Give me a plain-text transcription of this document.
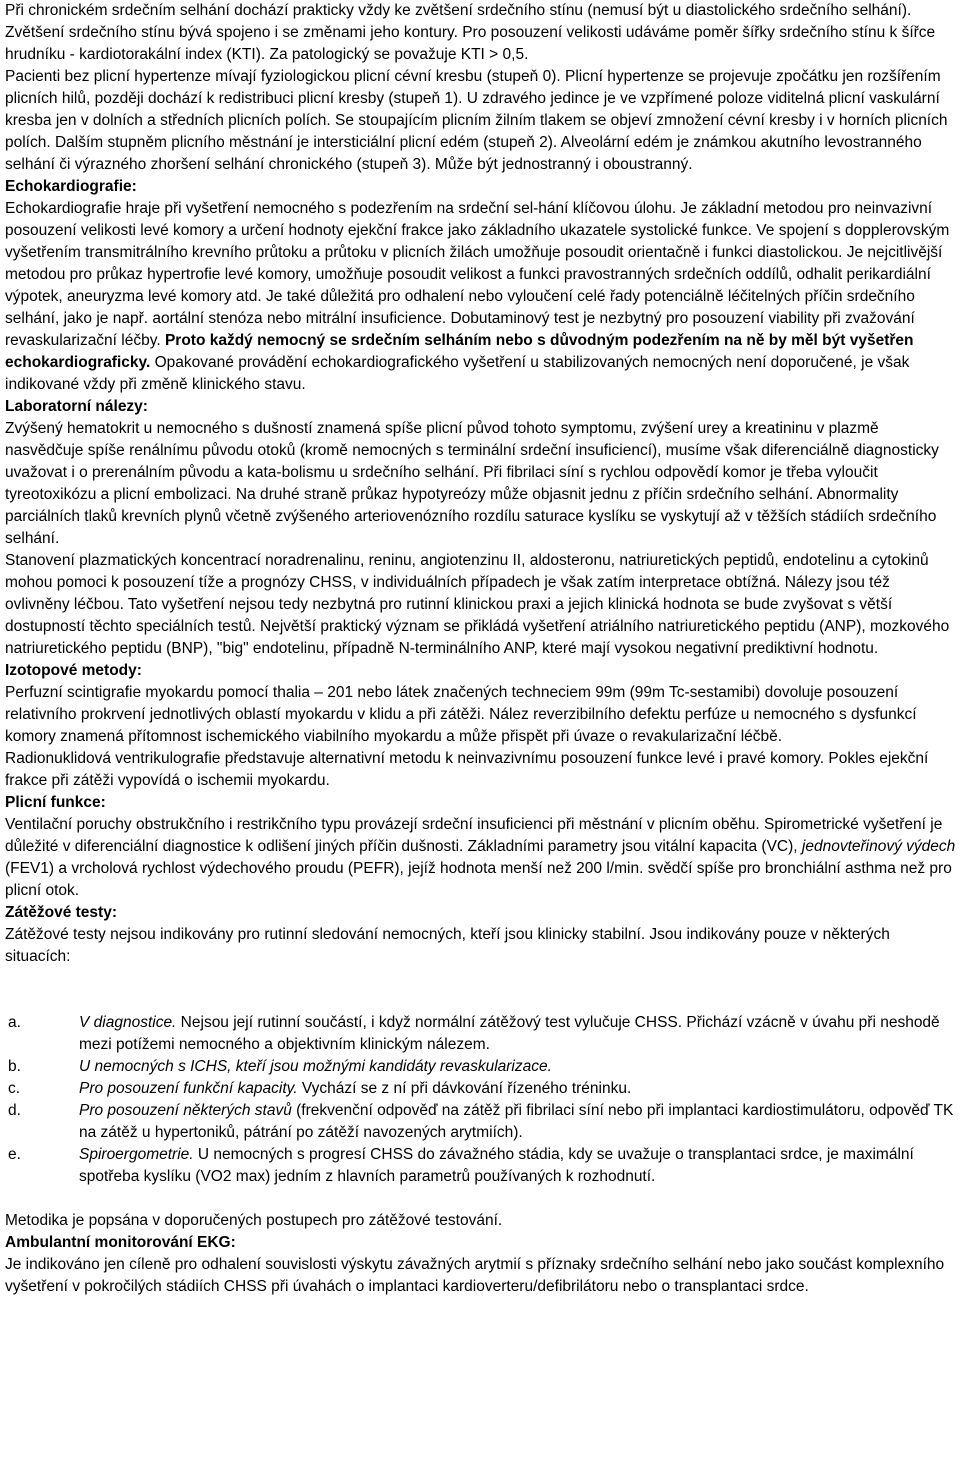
Při chronickém srdečním selhání dochází prakticky vždy ke zvětšení srdečního stínu (nemusí být u diastolického srdečního selhání). Zvětšení srdečního stínu bývá spojeno i se změnami jeho kontury. Pro posouzení velikosti udáváme poměr šířky srdečního stínu k šířce hrudníku - kardiotorakální index (KTI). Za patologický se považuje KTI > 0,5.

Pacienti bez plicní hypertenze mívají fyziologickou plicní cévní kresbu (stupeň 0). Plicní hypertenze se projevuje zpočátku jen rozšířením plicních hilů, později dochází k redistribuci plicní kresby (stupeň 1). U zdravého jedince je ve vzpřímené poloze viditelná plicní vaskulární kresba jen v dolních a středních plicních polích. Se stoupajícím plicním žilním tlakem se objeví zmnožení cévní kresby i v horních plicních polích. Dalším stupněm plicního městnání je intersticiální plicní edém (stupeň 2). Alveolární edém je známkou akutního levostranného selhání či výrazného zhoršení selhání chronického (stupeň 3). Může být jednostranný i oboustranný.

Echokardiografie:

Echokardiografie hraje při vyšetření nemocného s podezřením na srdeční sel-hání klíčovou úlohu. Je základní metodou pro neinvazivní posouzení velikosti levé komory a určení hodnoty ejekční frakce jako základního ukazatele systolické funkce. Ve spojení s dopplerovským vyšetřením transmitrálního krevního průtoku a průtoku v plicních žilách umožňuje posoudit orientačně i funkci diastolickou. Je nejcitlivější metodou pro průkaz hypertrofie levé komory, umožňuje posoudit velikost a funkci pravostranných srdečních oddílů, odhalit perikardiální výpotek, aneuryzma levé komory atd. Je také důležitá pro odhalení nebo vyloučení celé řady potenciálně léčitelných příčin srdečního selhání, jako je např. aortální stenóza nebo mitrální insuficience. Dobutaminový test je nezbytný pro posouzení viability při zvažování revaskularizační léčby. Proto každý nemocný se srdečním selháním nebo s důvodným podezřením na ně by měl být vyšetřen echokardiograficky. Opakované provádění echokardiografického vyšetření u stabilizovaných nemocných není doporučené, je však indikované vždy při změně klinického stavu.

Laboratorní nálezy:

Zvýšený hematokrit u nemocného s dušností znamená spíše plicní původ tohoto symptomu, zvýšení urey a kreatininu v plazmě nasvědčuje spíše renálnímu původu otoků (kromě nemocných s terminální srdeční insuficiencí), musíme však diferenciálně diagnosticky uvažovat i o prerenálním původu a kata-bolismu u srdečního selhání. Při fibrilaci síní s rychlou odpovědí komor je třeba vyloučit tyreotoxikózu a plicní embolizaci. Na druhé straně průkaz hypotyreózy může objasnit jednu z příčin srdečního selhání. Abnormality parciálních tlaků krevních plynů včetně zvýšeného arteriovenózního rozdílu saturace kyslíku se vyskytují až v těžších stádiích srdečního selhání.

Stanovení plazmatických koncentrací noradrenalinu, reninu, angiotenzinu II, aldosteronu, natriuretických peptidů, endotelinu a cytokinů mohou pomoci k posouzení tíže a prognózy CHSS, v individuálních případech je však zatím interpretace obtížná. Nálezy jsou též ovlivněny léčbou. Tato vyšetření nejsou tedy nezbytná pro rutinní klinickou praxi a jejich klinická hodnota se bude zvyšovat s větší dostupností těchto speciálních testů. Největší praktický význam se přikládá vyšetření atriálního natriuretického peptidu (ANP), mozkového natriuretického peptidu (BNP), "big" endotelinu, případně N-terminálního ANP, které mají vysokou negativní prediktivní hodnotu.

Izotopové metody:

Perfuzní scintigrafie myokardu pomocí thalia – 201 nebo látek značených techneciem 99m (99m Tc-sestamibi) dovoluje posouzení relativního prokrvení jednotlivých oblastí myokardu v klidu a při zátěži. Nález reverzibilního defektu perfúze u nemocného s dysfunkcí komory znamená přítomnost ischemického viabilního myokardu a může přispět při úvaze o revakularizační léčbě.

Radionuklidová ventrikulografie představuje alternativní metodu k neinvazivnímu posouzení funkce levé i pravé komory. Pokles ejekční frakce při zátěži vypovídá o ischemii myokardu.

Plicní funkce:

Ventilační poruchy obstrukčního i restrikčního typu provázejí srdeční insuficienci při městnání v plicním oběhu. Spirometrické vyšetření je důležité v diferenciální diagnostice k odlišení jiných příčin dušnosti. Základními parametry jsou vitální kapacita (VC), jednovteřinový výdech (FEV1) a vrcholová rychlost výdechového proudu (PEFR), jejíž hodnota menší než 200 l/min. svědčí spíše pro bronchiální asthma než pro plicní otok.

Zátěžové testy:

Zátěžové testy nejsou indikovány pro rutinní sledování nemocných, kteří jsou klinicky stabilní. Jsou indikovány pouze v některých situacích:

a.	V diagnostice. Nejsou její rutinní součástí, i když normální zátěžový test vylučuje CHSS. Přichází vzácně v úvahu při neshodě mezi potížemi nemocného a objektivním klinickým nálezem.
b.	U nemocných s ICHS, kteří jsou možnými kandidáty revaskularizace.
c.	Pro posouzení funkční kapacity. Vychází se z ní při dávkování řízeného tréninku.
d.	Pro posouzení některých stavů (frekvenční odpověď na zátěž při fibrilaci síní nebo při implantaci kardiostimulátoru, odpověď TK na zátěž u hypertoniků, pátrání po zátěží navozených arytmiích).
e.	Spiroergometrie. U nemocných s progresí CHSS do závažného stádia, kdy se uvažuje o transplantaci srdce, je maximální spotřeba kyslíku (VO2 max) jedním z hlavních parametrů používaných k rozhodnutí.

Metodika je popsána v doporučených postupech pro zátěžové testování.

Ambulantní monitorování EKG:

Je indikováno jen cíleně pro odhalení souvislosti výskytu závažných arytmií s příznaky srdečního selhání nebo jako součást komplexního vyšetření v pokročilých stádiích CHSS při úvahách o implantaci kardioverteru/defibrilátoru nebo o transplantaci srdce.
